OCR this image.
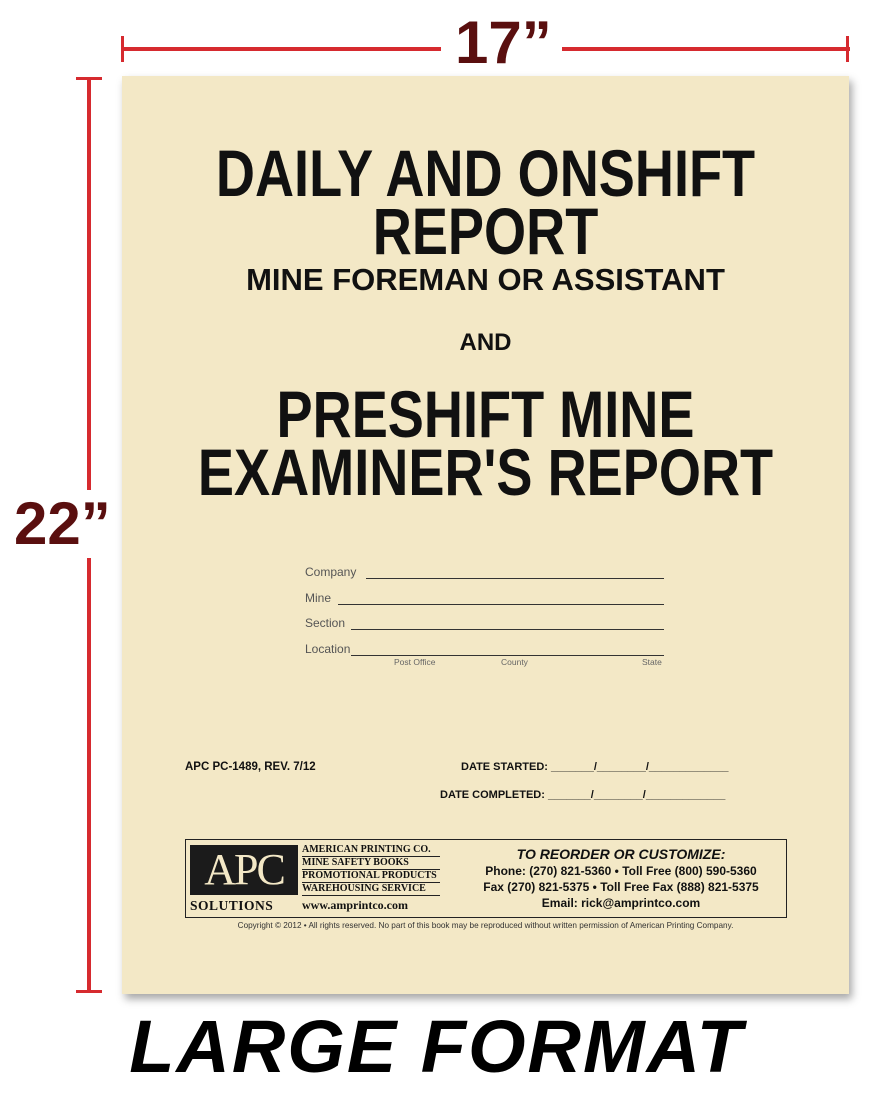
17”
22”
DAILY AND ONSHIFT
REPORT
MINE FOREMAN OR ASSISTANT
AND
PRESHIFT MINE
EXAMINER'S REPORT
Company
Mine
Section
Location
Post Office	County	State
APC PC-1489, REV. 7/12	DATE STARTED: _______/________/_____________
DATE COMPLETED: _______/________/_____________
APC
SOLUTIONS
AMERICAN PRINTING CO.
MINE SAFETY BOOKS
PROMOTIONAL PRODUCTS
WAREHOUSING SERVICE
www.amprintco.com
TO REORDER OR CUSTOMIZE:
Phone: (270) 821-5360 • Toll Free (800) 590-5360
Fax (270) 821-5375 • Toll Free Fax (888) 821-5375
Email: rick@amprintco.com
Copyright © 2012 • All rights reserved. No part of this book may be reproduced without written permission of American Printing Company.
LARGE FORMAT
